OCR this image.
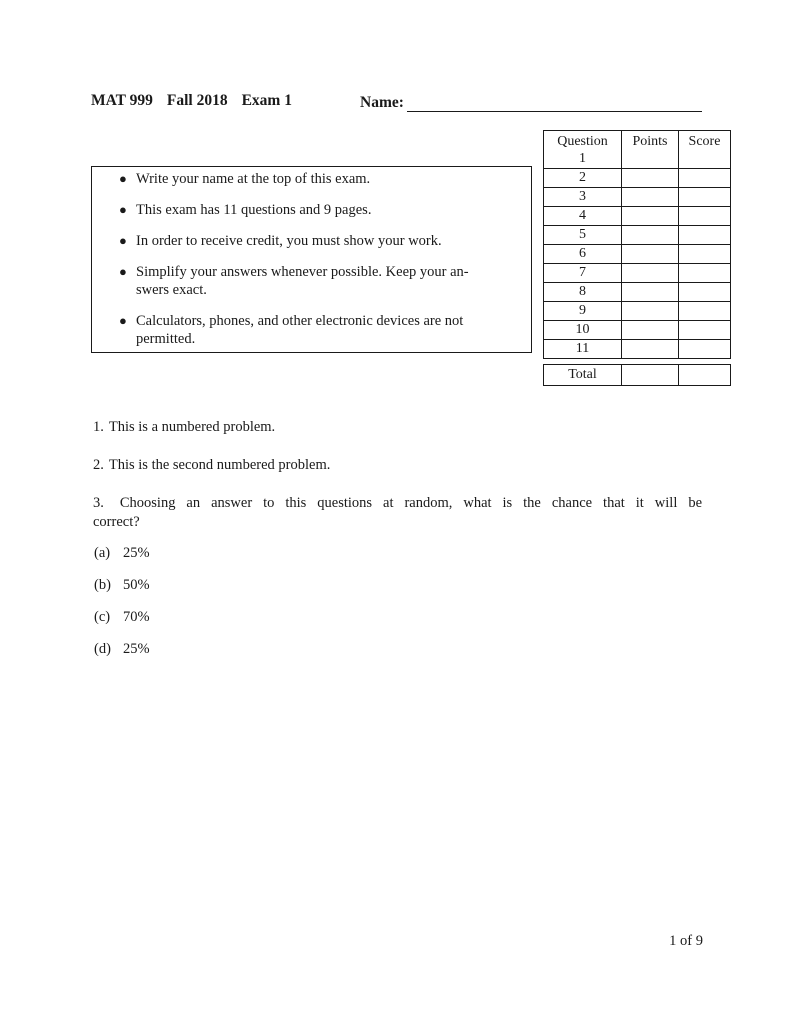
MAT 999 Fall 2018 Exam 1	Name:
● Write your name at the top of this exam.
● This exam has 11 questions and 9 pages.
● In order to receive credit, you must show your work.
● Simplify your answers whenever possible. Keep your an-
swers exact.
● Calculators, phones, and other electronic devices are not
permitted.
Question	Points	Score
1
2
3
4
5
6
7
8
9
10
11
Total
1. This is a numbered problem.
2. This is the second numbered problem.
3. Choosing an answer to this questions at random, what is the chance that it will be
correct?
(a) 25%
(b) 50%
(c) 70%
(d) 25%
1 of 9
